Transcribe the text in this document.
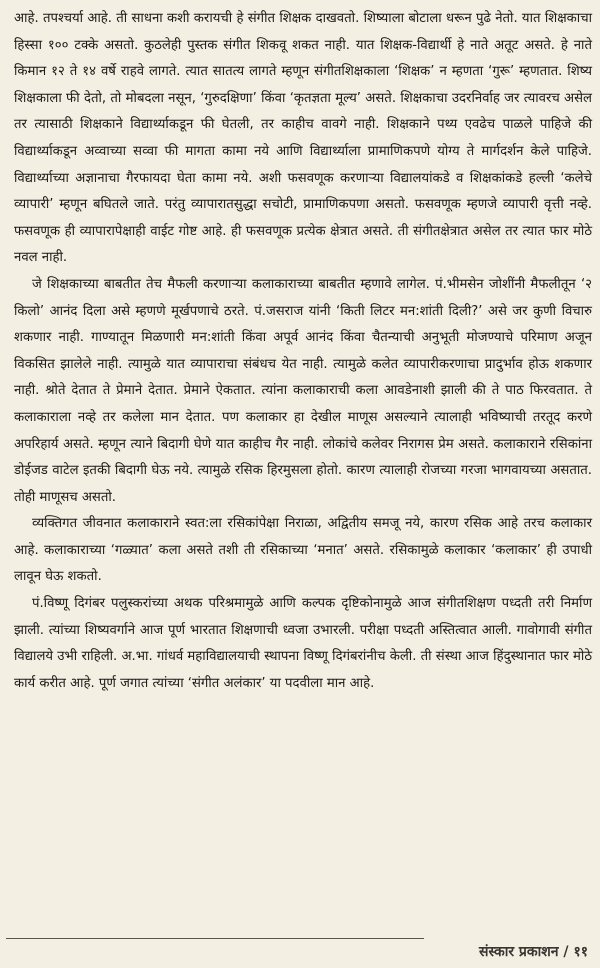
आहे. तपश्चर्या आहे. ती साधना कशी करायची हे संगीत शिक्षक दाखवतो. शिष्याला बोटाला धरून पुढे नेतो. यात शिक्षकाचा हिस्सा १०० टक्के असतो. कुठलेही पुस्तक संगीत शिकवू शकत नाही. यात शिक्षक-विद्यार्थी हे नाते अतूट असते. हे नाते किमान १२ ते १४ वर्षे राहवे लागते. त्यात सातत्य लागते म्हणून संगीतशिक्षकाला ‘शिक्षक’ न म्हणता ‘गुरू’ म्हणतात. शिष्य शिक्षकाला फी देतो, तो मोबदला नसून, ‘गुरुदक्षिणा’ किंवा ‘कृतज्ञता मूल्य’ असते. शिक्षकाचा उदरनिर्वाह जर त्यावरच असेल तर त्यासाठी शिक्षकाने विद्यार्थ्याकडून फी घेतली, तर काहीच वावगे नाही. शिक्षकाने पथ्य एवढेच पाळले पाहिजे की विद्यार्थ्याकडून अव्वाच्या सव्वा फी मागता कामा नये आणि विद्यार्थ्याला प्रामाणिकपणे योग्य ते मार्गदर्शन केले पाहिजे. विद्यार्थ्याच्या अज्ञानाचा गैरफायदा घेता कामा नये. अशी फसवणूक करणाऱ्या विद्यालयांकडे व शिक्षकांकडे हल्ली ‘कलेचे व्यापारी’ म्हणून बघितले जाते. परंतु व्यापारातसुद्धा सचोटी, प्रामाणिकपणा असतो. फसवणूक म्हणजे व्यापारी वृत्ती नव्हे. फसवणूक ही व्यापारापेक्षाही वाईट गोष्ट आहे. ही फसवणूक प्रत्येक क्षेत्रात असते. ती संगीतक्षेत्रात असेल तर त्यात फार मोठे नवल नाही.

जे शिक्षकाच्या बाबतीत तेच मैफली करणाऱ्या कलाकाराच्या बाबतीत म्हणावे लागेल. पं.भीमसेन जोशींनी मैफलीतून ‘२ किलो’ आनंद दिला असे म्हणणे मूर्खपणाचे ठरते. पं.जसराज यांनी ‘किती लिटर मन:शांती दिली?’ असे जर कुणी विचारु शकणार नाही. गाण्यातून मिळणारी मन:शांती किंवा अपूर्व आनंद किंवा चैतन्याची अनुभूती मोजण्याचे परिमाण अजून विकसित झालेले नाही. त्यामुळे यात व्यापाराचा संबंधच येत नाही. त्यामुळे कलेत व्यापारीकरणाचा प्रादुर्भाव होऊ शकणार नाही. श्रोते देतात ते प्रेमाने देतात. प्रेमाने ऐकतात. त्यांना कलाकाराची कला आवडेनाशी झाली की ते पाठ फिरवतात. ते कलाकाराला नव्हे तर कलेला मान देतात. पण कलाकार हा देखील माणूस असल्याने त्यालाही भविष्याची तरतूद करणे अपरिहार्य असते. म्हणून त्याने बिदागी घेणे यात काहीच गैर नाही. लोकांचे कलेवर निरागस प्रेम असते. कलाकाराने रसिकांना डोईजड वाटेल इतकी बिदागी घेऊ नये. त्यामुळे रसिक हिरमुसला होतो. कारण त्यालाही रोजच्या गरजा भागवायच्या असतात. तोही माणूसच असतो.

व्यक्तिगत जीवनात कलाकाराने स्वत:ला रसिकांपेक्षा निराळा, अद्वितीय समजू नये, कारण रसिक आहे तरच कलाकार आहे. कलाकाराच्या ‘गळ्यात’ कला असते तशी ती रसिकाच्या ‘मनात’ असते. रसिकामुळे कलाकार ‘कलाकार’ ही उपाधी लावून घेऊ शकतो.

पं.विष्णू दिगंबर पलुस्करांच्या अथक परिश्रमामुळे आणि कल्पक दृष्टिकोनामुळे आज संगीतशिक्षण पध्दती तरी निर्माण झाली. त्यांच्या शिष्यवर्गाने आज पूर्ण भारतात शिक्षणाची ध्वजा उभारली. परीक्षा पध्दती अस्तित्वात आली. गावोगावी संगीत विद्यालये उभी राहिली. अ.भा. गांधर्व महाविद्यालयाची स्थापना विष्णू दिगंबरांनीच केली. ती संस्था आज हिंदुस्थानात फार मोठे कार्य करीत आहे. पूर्ण जगात त्यांच्या ‘संगीत अलंकार’ या पदवीला मान आहे.

संस्कार प्रकाशन / ११
